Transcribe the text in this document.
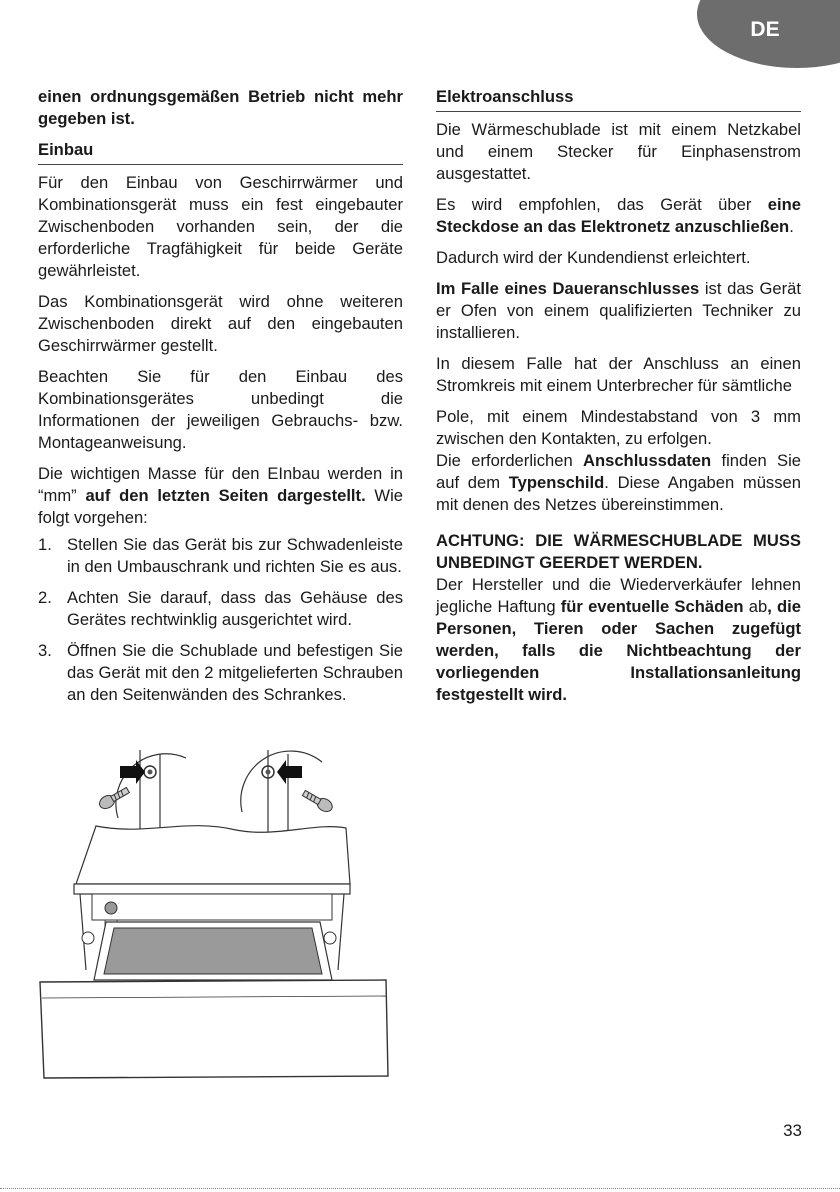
DE

einen ordnungsgemäßen Betrieb nicht mehr gegeben ist.

Einbau

Für den Einbau von Geschirrwärmer und Kombinationsgerät muss ein fest eingebauter Zwischenboden vorhanden sein, der die erforderliche Tragfähigkeit für beide Geräte gewährleistet.

Das Kombinationsgerät wird ohne weiteren Zwischenboden direkt auf den eingebauten Geschirrwärmer gestellt.

Beachten Sie für den Einbau des Kombinationsgerätes unbedingt die Informationen der jeweiligen Gebrauchs- bzw. Montageanweisung.

Die wichtigen Masse für den EInbau werden in “mm” auf den letzten Seiten dargestellt. Wie folgt vorgehen:

1. Stellen Sie das Gerät bis zur Schwadenleiste in den Umbauschrank und richten Sie es aus.
2. Achten Sie darauf, dass das Gehäuse des Gerätes rechtwinklig ausgerichtet wird.
3. Öffnen Sie die Schublade und befestigen Sie das Gerät mit den 2 mitgelieferten Schrauben an den Seitenwänden des Schrankes.
Elektroanschluss

Die Wärmeschublade ist mit einem Netzkabel und einem Stecker für Einphasenstrom ausgestattet.

Es wird empfohlen, das Gerät über eine Steckdose an das Elektronetz anzuschließen.

Dadurch wird der Kundendienst erleichtert.

Im Falle eines Daueranschlusses ist das Gerät er Ofen von einem qualifizierten Techniker zu installieren.

In diesem Falle hat der Anschluss an einen Stromkreis mit einem Unterbrecher für sämtliche

Pole, mit einem Mindestabstand von 3 mm zwischen den Kontakten, zu erfolgen.

Die erforderlichen Anschlussdaten finden Sie auf dem Typenschild. Diese Angaben müssen mit denen des Netzes übereinstimmen.

ACHTUNG: DIE WÄRMESCHUBLADE MUSS UNBEDINGT GEERDET WERDEN.

Der Hersteller und die Wiederverkäufer lehnen jegliche Haftung für eventuelle Schäden ab, die Personen, Tieren oder Sachen zugefügt werden, falls die Nichtbeachtung der vorliegenden Installationsanleitung festgestellt wird.

33
